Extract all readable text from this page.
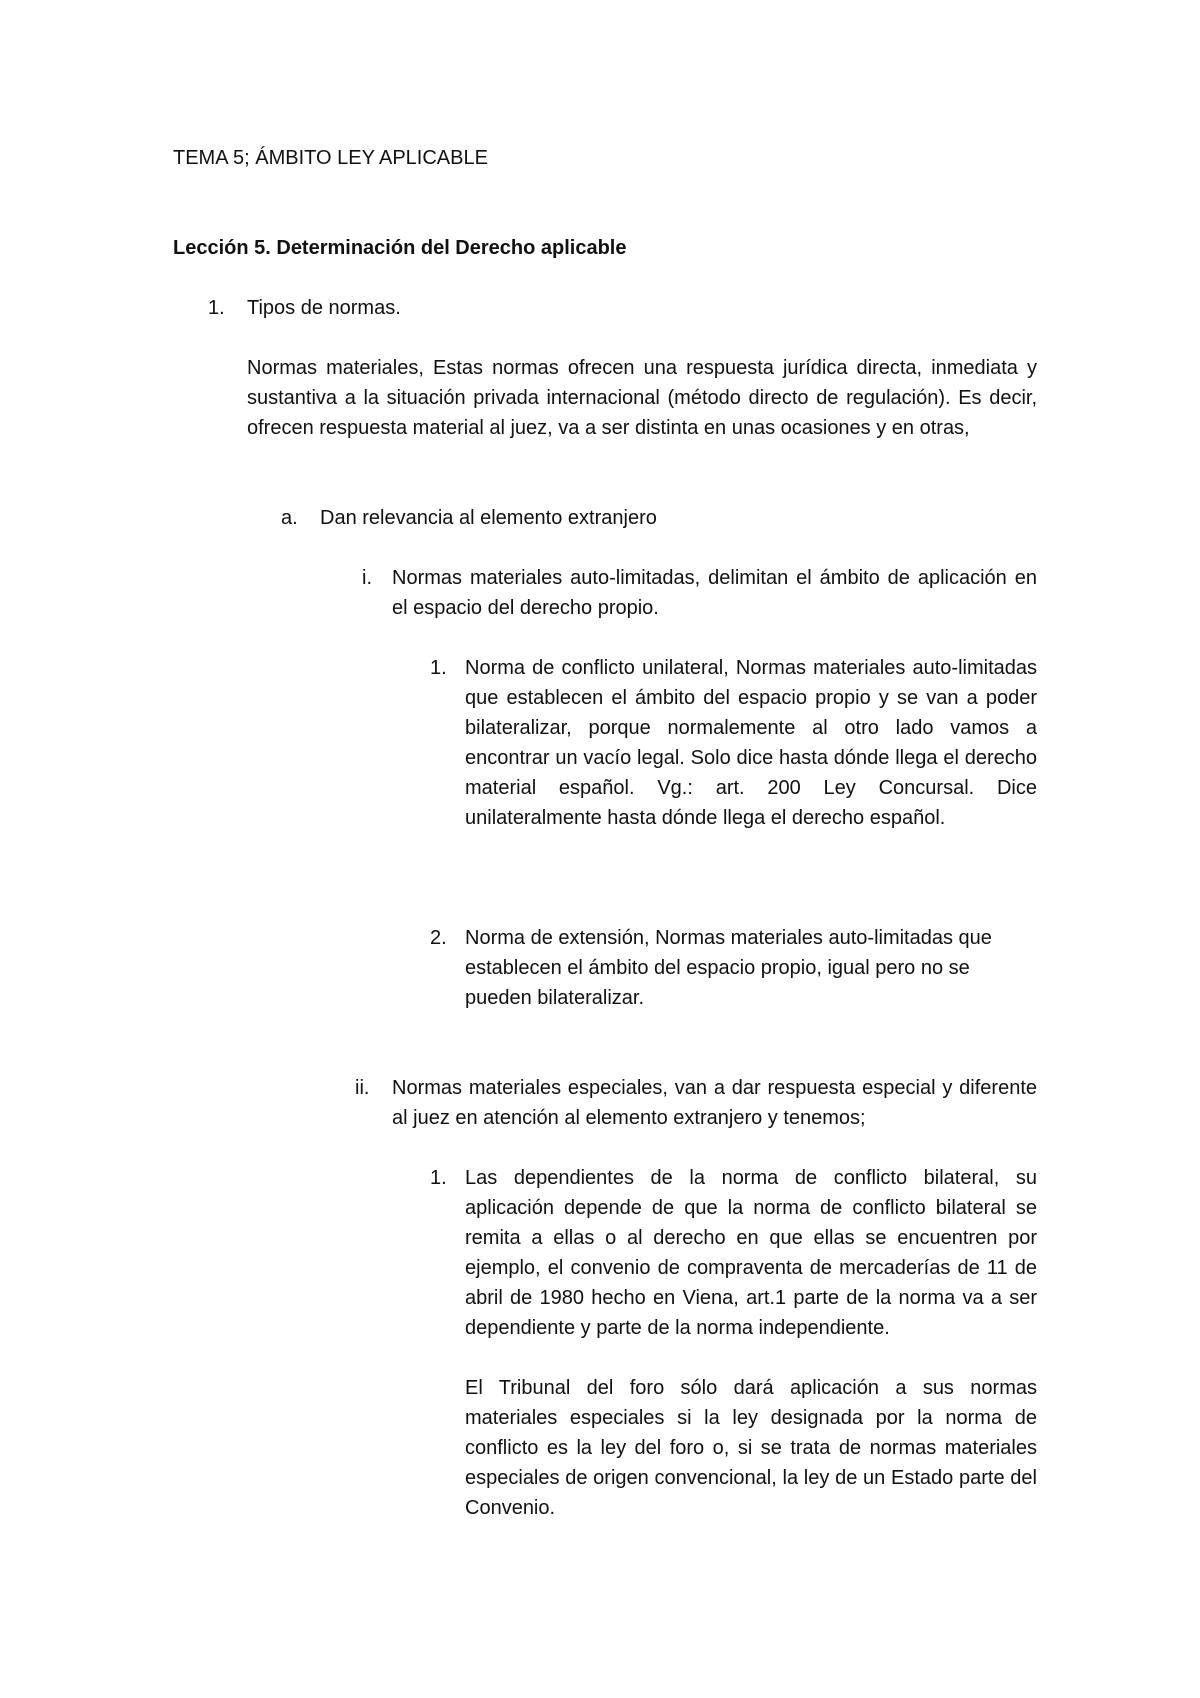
TEMA 5; ÁMBITO LEY APLICABLE

Lección 5. Determinación del Derecho aplicable

1. Tipos de normas.

Normas materiales, Estas normas ofrecen una respuesta jurídica directa, inmediata y sustantiva a la situación privada internacional (método directo de regulación). Es decir, ofrecen respuesta material al juez, va a ser distinta en unas ocasiones y en otras,

a. Dan relevancia al elemento extranjero

i. Normas materiales auto-limitadas, delimitan el ámbito de aplicación en el espacio del derecho propio.

1. Norma de conflicto unilateral, Normas materiales auto-limitadas que establecen el ámbito del espacio propio y se van a poder bilateralizar, porque normalemente al otro lado vamos a encontrar un vacío legal. Solo dice hasta dónde llega el derecho material español. Vg.: art. 200 Ley Concursal. Dice unilateralmente hasta dónde llega el derecho español.

2. Norma de extensión, Normas materiales auto-limitadas que establecen el ámbito del espacio propio, igual pero no se pueden bilateralizar.

ii. Normas materiales especiales, van a dar respuesta especial y diferente al juez en atención al elemento extranjero y tenemos;

1. Las dependientes de la norma de conflicto bilateral, su aplicación depende de que la norma de conflicto bilateral se remita a ellas o al derecho en que ellas se encuentren por ejemplo, el convenio de compraventa de mercaderías de 11 de abril de 1980 hecho en Viena, art.1 parte de la norma va a ser dependiente y parte de la norma independiente.

El Tribunal del foro sólo dará aplicación a sus normas materiales especiales si la ley designada por la norma de conflicto es la ley del foro o, si se trata de normas materiales especiales de origen convencional, la ley de un Estado parte del Convenio.
